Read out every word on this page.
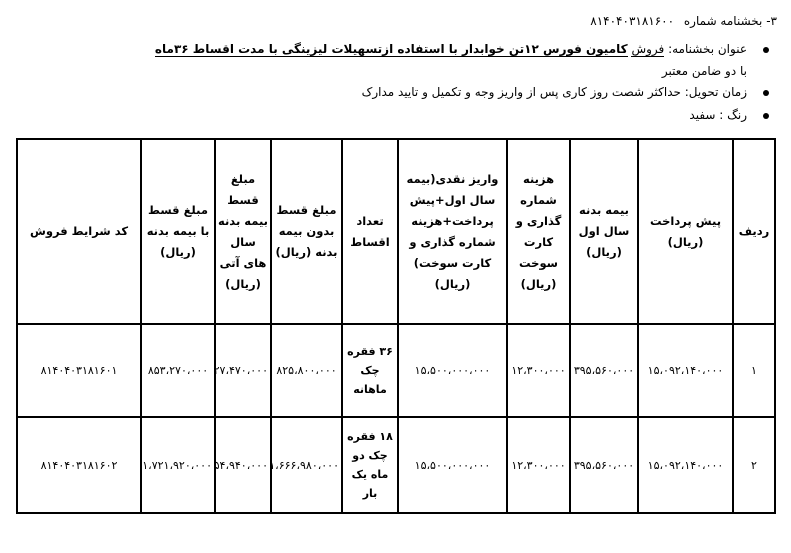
۳- بخشنامه شماره ۸۱۴۰۴۰۳۱۸۱۶۰۰
عنوان بخشنامه: فروش کامیون فورس ۱۲تن خوابدار با استفاده ازتسهیلات لیزینگی با مدت اقساط ۳۶ماه
با دو ضامن معتبر
زمان تحویل: حداکثر شصت روز کاری پس از واریز وجه و تکمیل و تایید مدارک
رنگ : سفید
ردیف	پیش پرداخت (ریال)	بیمه بدنه سال اول (ریال)	هزینه شماره گذاری و کارت سوخت (ریال)	واریز نقدی(بیمه سال اول+پیش پرداخت+هزینه شماره گذاری و کارت سوخت) (ریال)	تعداد اقساط	مبلغ قسط بدون بیمه بدنه (ریال)	مبلغ قسط بیمه بدنه سال های آتی (ریال)	مبلغ قسط با بیمه بدنه (ریال)	کد شرایط فروش
۱	۱۵،۰۹۲،۱۴۰،۰۰۰	۳۹۵،۵۶۰،۰۰۰	۱۲،۳۰۰،۰۰۰	۱۵،۵۰۰،۰۰۰،۰۰۰	۳۶ فقره چک ماهانه	۸۲۵،۸۰۰،۰۰۰	۲۷،۴۷۰،۰۰۰	۸۵۳،۲۷۰،۰۰۰	۸۱۴۰۴۰۳۱۸۱۶۰۱
۲	۱۵،۰۹۲،۱۴۰،۰۰۰	۳۹۵،۵۶۰،۰۰۰	۱۲،۳۰۰،۰۰۰	۱۵،۵۰۰،۰۰۰،۰۰۰	۱۸ فقره چک دو ماه یک بار	۱،۶۶۶،۹۸۰،۰۰۰	۵۴،۹۴۰،۰۰۰	۱،۷۲۱،۹۲۰،۰۰۰	۸۱۴۰۴۰۳۱۸۱۶۰۲
